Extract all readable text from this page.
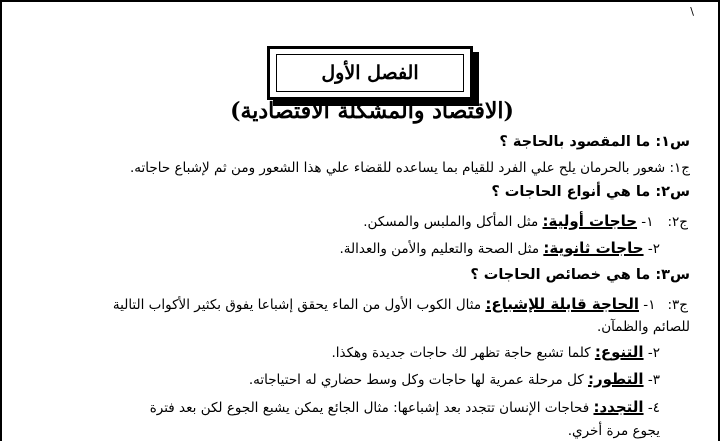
\
الفصل الأول
(الاقتصاد والمشكلة الاقتصادية)
س١: ما المقصود بالحاجة ؟
ج١: شعور بالحرمان يلح علي الفرد للقيام بما يساعده للقضاء علي هذا الشعور ومن ثم لإشباع حاجاته.
س٢: ما هي أنواع الحاجات ؟
ج٢:١- حاجات أولية: مثل المأكل والملبس والمسكن.
٢- حاجات ثانوية: مثل الصحة والتعليم والأمن والعدالة.
س٣: ما هي خصائص الحاجات ؟
ج٣:١- الحاجة قابلة للإشباع: مثال الكوب الأول من الماء يحقق إشباعا يفوق بكثير الأكواب التالية
للصائم والظمآن.
٢- التنوع: كلما تشبع حاجة تظهر لك حاجات جديدة وهكذا.
٣- التطور: كل مرحلة عمرية لها حاجات وكل وسط حضاري له احتياجاته.
٤- التجدد: فحاجات الإنسان تتجدد بعد إشباعها: مثال الجائع يمكن يشبع الجوع لكن بعد فترة
يجوع مرة أخري.
